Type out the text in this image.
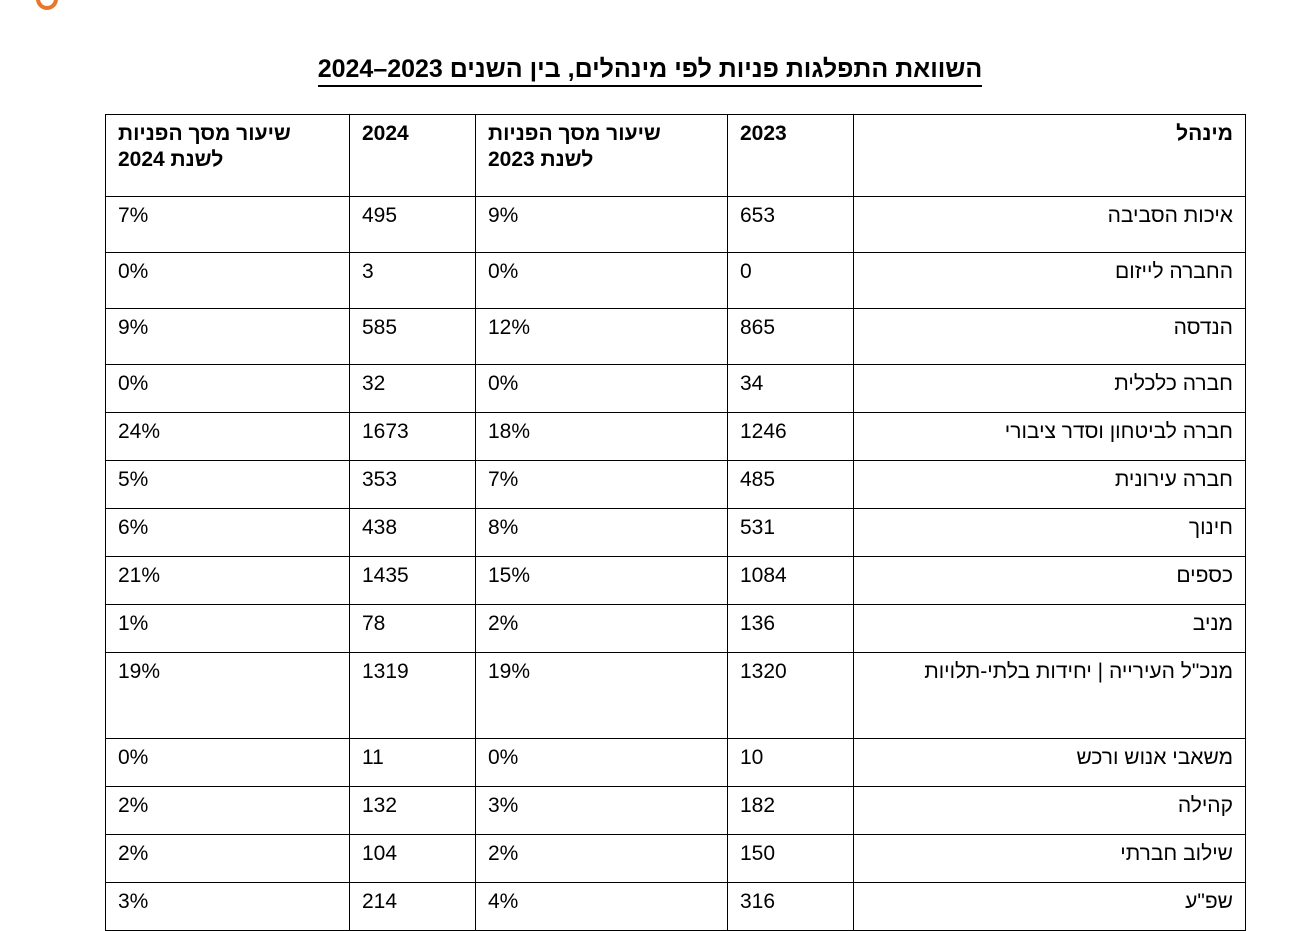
השוואת התפלגות פניות לפי מינהלים, בין השנים 2023–2024
מינהל	2023	שיעור מסך הפניות לשנת 2023	2024	שיעור מסך הפניות לשנת 2024
איכות הסביבה	653	9%	495	7%
החברה לייזום	0	0%	3	0%
הנדסה	865	12%	585	9%
חברה כלכלית	34	0%	32	0%
חברה לביטחון וסדר ציבורי	1246	18%	1673	24%
חברה עירונית	485	7%	353	5%
חינוך	531	8%	438	6%
כספים	1084	15%	1435	21%
מניב	136	2%	78	1%
מנכ"ל העירייה | יחידות בלתי-תלויות	1320	19%	1319	19%
משאבי אנוש ורכש	10	0%	11	0%
קהילה	182	3%	132	2%
שילוב חברתי	150	2%	104	2%
שפ"ע	316	4%	214	3%
